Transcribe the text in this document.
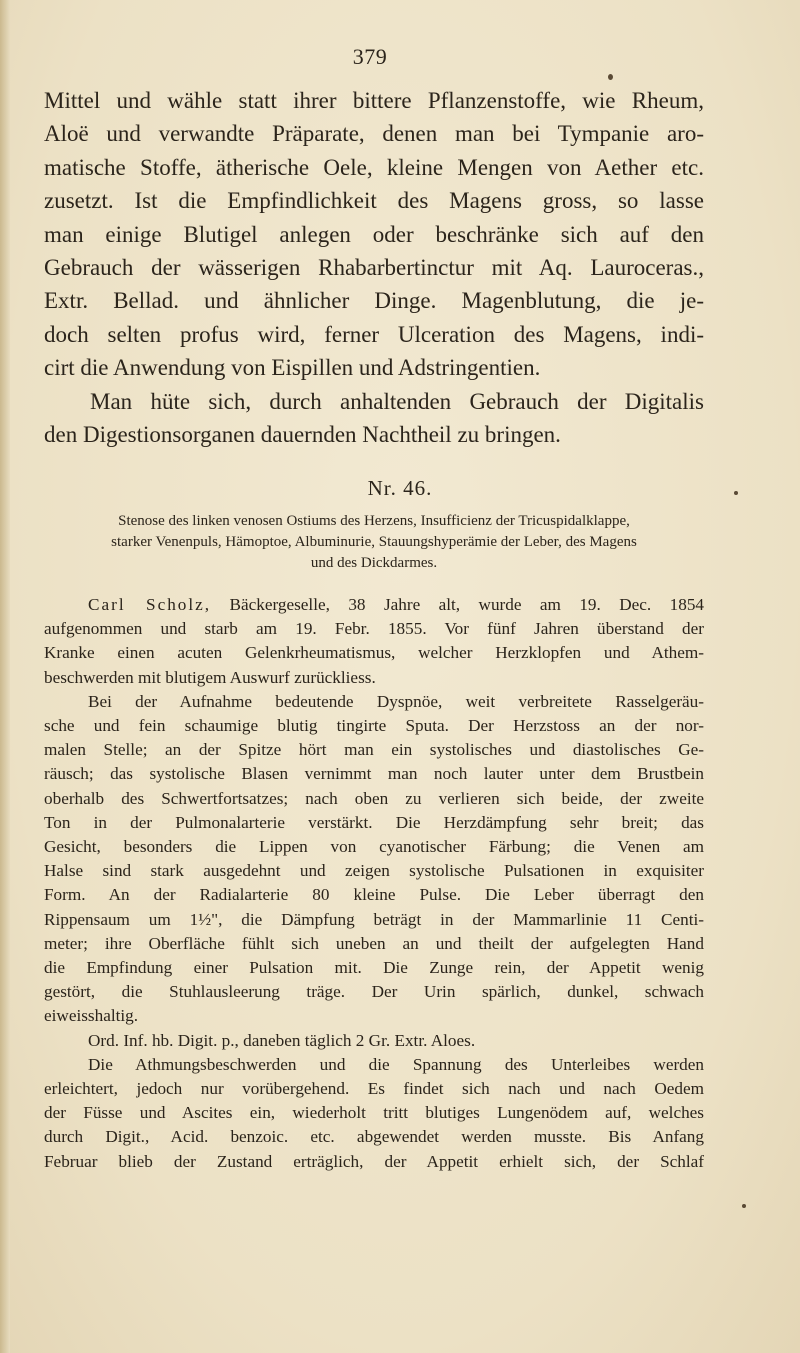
379
Mittel und wähle statt ihrer bittere Pflanzenstoffe, wie Rheum,
Aloë und verwandte Präparate, denen man bei Tympanie aro-
matische Stoffe, ätherische Oele, kleine Mengen von Aether etc.
zusetzt. Ist die Empfindlichkeit des Magens gross, so lasse
man einige Blutigel anlegen oder beschränke sich auf den
Gebrauch der wässerigen Rhabarbertinctur mit Aq. Lauroceras.,
Extr. Bellad. und ähnlicher Dinge. Magenblutung, die je-
doch selten profus wird, ferner Ulceration des Magens, indi-
cirt die Anwendung von Eispillen und Adstringentien.
Man hüte sich, durch anhaltenden Gebrauch der Digitalis
den Digestionsorganen dauernden Nachtheil zu bringen.
Nr. 46.
Stenose des linken venosen Ostiums des Herzens, Insufficienz der Tricuspidalklappe,
starker Venenpuls, Hämoptoe, Albuminurie, Stauungshyperämie der Leber, des Magens
und des Dickdarmes.
Carl Scholz, Bäckergeselle, 38 Jahre alt, wurde am 19. Dec. 1854
aufgenommen und starb am 19. Febr. 1855. Vor fünf Jahren überstand der
Kranke einen acuten Gelenkrheumatismus, welcher Herzklopfen und Athem-
beschwerden mit blutigem Auswurf zurückliess.
Bei der Aufnahme bedeutende Dyspnöe, weit verbreitete Rasselgeräu-
sche und fein schaumige blutig tingirte Sputa. Der Herzstoss an der nor-
malen Stelle; an der Spitze hört man ein systolisches und diastolisches Ge-
räusch; das systolische Blasen vernimmt man noch lauter unter dem Brustbein
oberhalb des Schwertfortsatzes; nach oben zu verlieren sich beide, der zweite
Ton in der Pulmonalarterie verstärkt. Die Herzdämpfung sehr breit; das
Gesicht, besonders die Lippen von cyanotischer Färbung; die Venen am
Halse sind stark ausgedehnt und zeigen systolische Pulsationen in exquisiter
Form. An der Radialarterie 80 kleine Pulse. Die Leber überragt den
Rippensaum um 1½", die Dämpfung beträgt in der Mammarlinie 11 Centi-
meter; ihre Oberfläche fühlt sich uneben an und theilt der aufgelegten Hand
die Empfindung einer Pulsation mit. Die Zunge rein, der Appetit wenig
gestört, die Stuhlausleerung träge. Der Urin spärlich, dunkel, schwach
eiweisshaltig.
Ord. Inf. hb. Digit. p., daneben täglich 2 Gr. Extr. Aloes.
Die Athmungsbeschwerden und die Spannung des Unterleibes werden
erleichtert, jedoch nur vorübergehend. Es findet sich nach und nach Oedem
der Füsse und Ascites ein, wiederholt tritt blutiges Lungenödem auf, welches
durch Digit., Acid. benzoic. etc. abgewendet werden musste. Bis Anfang
Februar blieb der Zustand erträglich, der Appetit erhielt sich, der Schlaf
